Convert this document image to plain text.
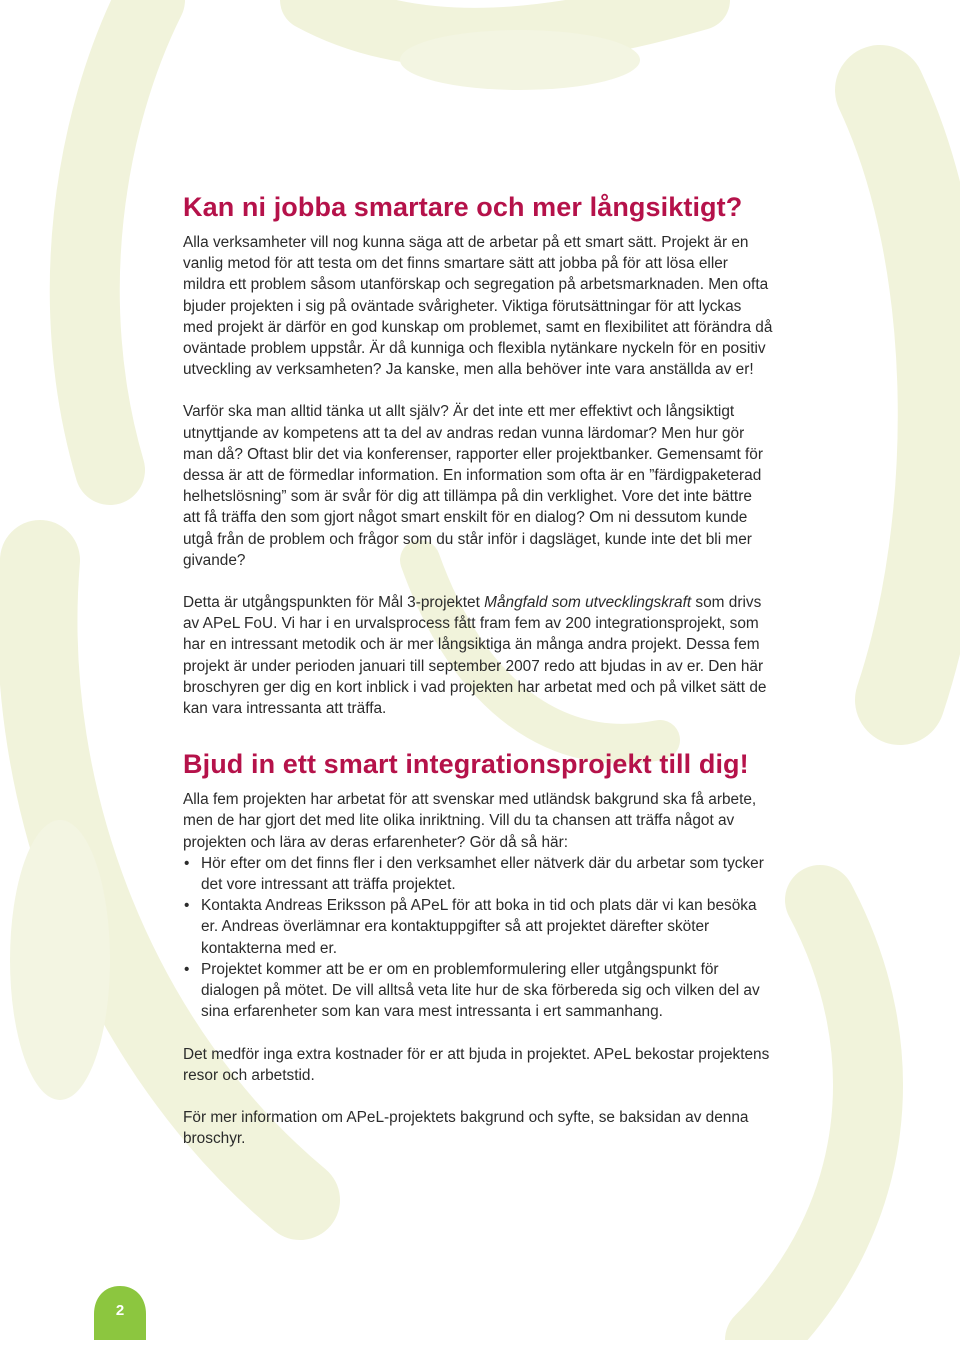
Kan ni jobba smartare och mer långsiktigt?

Alla verksamheter vill nog kunna säga att de arbetar på ett smart sätt. Projekt är en vanlig metod för att testa om det finns smartare sätt att jobba på för att lösa eller mildra ett problem såsom utanförskap och segregation på arbetsmarknaden. Men ofta bjuder projekten i sig på oväntade svårigheter. Viktiga förutsättningar för att lyckas med projekt är därför en god kunskap om problemet, samt en flexibilitet att förändra då oväntade problem uppstår. Är då kunniga och flexibla nytänkare nyckeln för en positiv utveckling av verksamheten? Ja kanske, men alla behöver inte vara anställda av er!

Varför ska man alltid tänka ut allt själv? Är det inte ett mer effektivt och långsiktigt utnyttjande av kompetens att ta del av andras redan vunna lärdomar? Men hur gör man då? Oftast blir det via konferenser, rapporter eller projektbanker. Gemensamt för dessa är att de förmedlar information. En information som ofta är en ”färdigpaketerad helhetslösning” som är svår för dig att tillämpa på din verklighet. Vore det inte bättre att få träffa den som gjort något smart enskilt för en dialog? Om ni dessutom kunde utgå från de problem och frågor som du står inför i dagsläget, kunde inte det bli mer givande?

Detta är utgångspunkten för Mål 3-projektet Mångfald som utvecklingskraft som drivs av APeL FoU. Vi har i en urvalsprocess fått fram fem av 200 integrationsprojekt, som har en intressant metodik och är mer långsiktiga än många andra projekt. Dessa fem projekt är under perioden januari till september 2007 redo att bjudas in av er. Den här broschyren ger dig en kort inblick i vad projekten har arbetat med och på vilket sätt de kan vara intressanta att träffa.

Bjud in ett smart integrationsprojekt till dig!

Alla fem projekten har arbetat för att svenskar med utländsk bakgrund ska få arbete, men de har gjort det med lite olika inriktning. Vill du ta chansen att träffa något av projekten och lära av deras erfarenheter? Gör då så här:

• Hör efter om det finns fler i den verksamhet eller nätverk där du arbetar som tycker det vore intressant att träffa projektet.
• Kontakta Andreas Eriksson på APeL för att boka in tid och plats där vi kan besöka er. Andreas överlämnar era kontaktuppgifter så att projektet därefter sköter kontakterna med er.
• Projektet kommer att be er om en problemformulering eller utgångspunkt för dialogen på mötet. De vill alltså veta lite hur de ska förbereda sig och vilken del av sina erfarenheter som kan vara mest intressanta i ert sammanhang.

Det medför inga extra kostnader för er att bjuda in projektet. APeL bekostar projektens resor och arbetstid.

För mer information om APeL-projektets bakgrund och syfte, se baksidan av denna broschyr.

2
